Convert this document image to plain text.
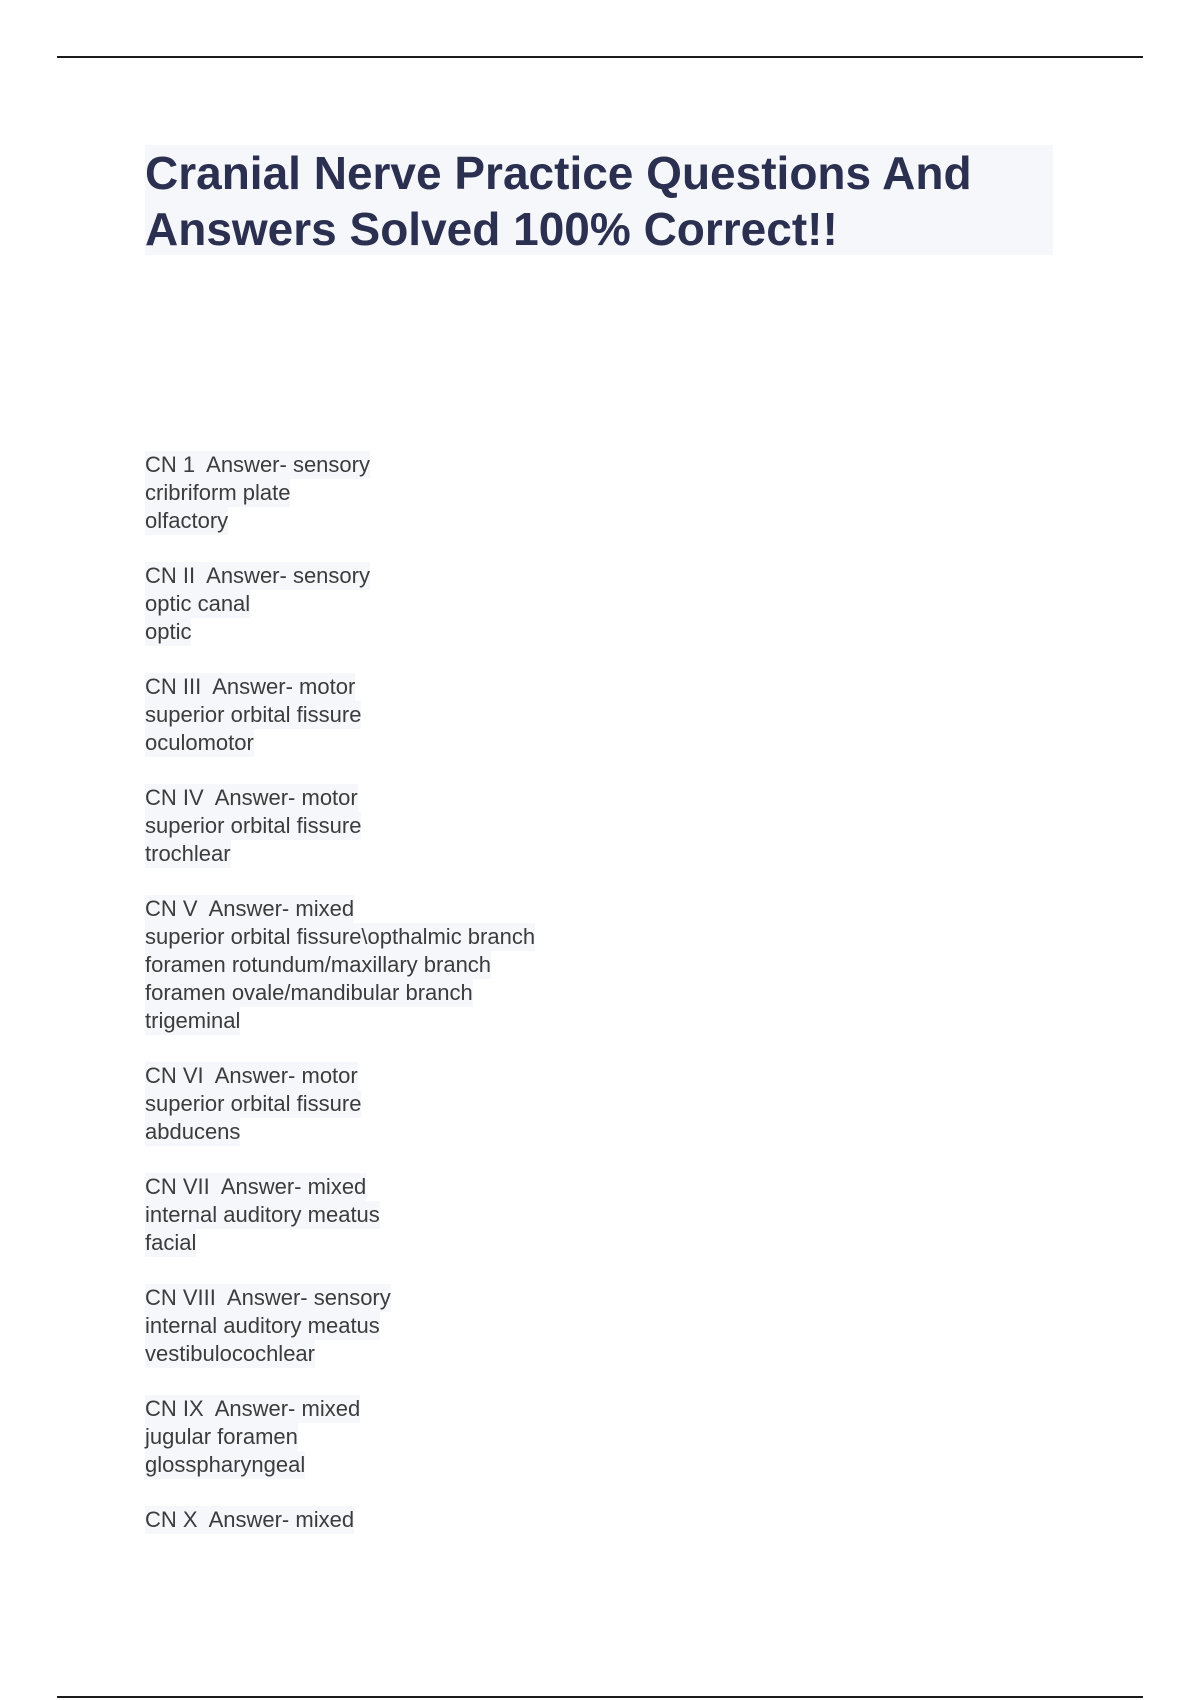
Cranial Nerve Practice Questions And Answers Solved 100% Correct!!
CN 1 Answer- sensory
cribriform plate
olfactory
CN II Answer- sensory
optic canal
optic
CN III Answer- motor
superior orbital fissure
oculomotor
CN IV Answer- motor
superior orbital fissure
trochlear
CN V Answer- mixed
superior orbital fissure\opthalmic branch
foramen rotundum/maxillary branch
foramen ovale/mandibular branch
trigeminal
CN VI Answer- motor
superior orbital fissure
abducens
CN VII Answer- mixed
internal auditory meatus
facial
CN VIII Answer- sensory
internal auditory meatus
vestibulocochlear
CN IX Answer- mixed
jugular foramen
glosspharyngeal
CN X Answer- mixed
